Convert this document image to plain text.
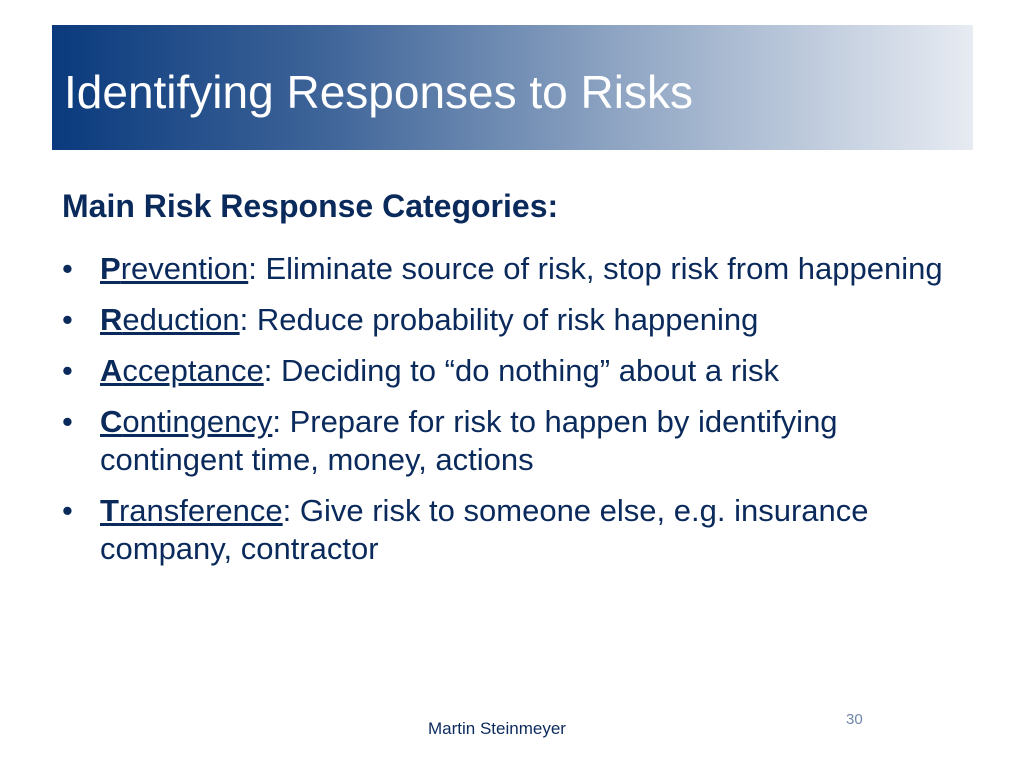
Identifying Responses to Risks
Main Risk Response Categories:
• Prevention: Eliminate source of risk, stop risk from happening
• Reduction: Reduce probability of risk happening
• Acceptance: Deciding to “do nothing” about a risk
• Contingency: Prepare for risk to happen by identifying contingent time, money, actions
• Transference: Give risk to someone else, e.g. insurance company, contractor
Martin Steinmeyer	30
